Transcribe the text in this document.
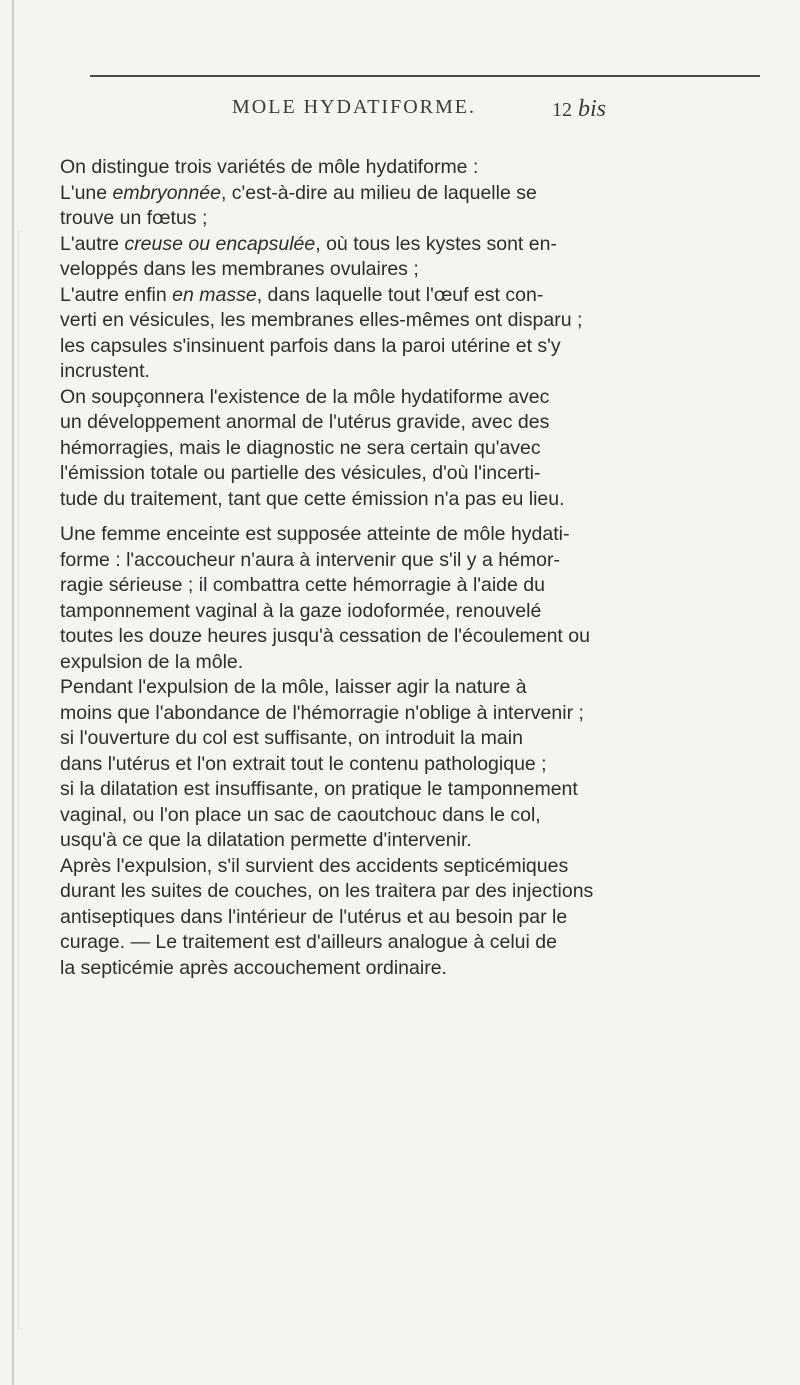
MOLE HYDATIFORME.	12 bis

On distingue trois variétés de môle hydatiforme :
L'une embryonnée, c'est-à-dire au milieu de laquelle se
trouve un fœtus ;

L'autre creuse ou encapsulée, où tous les kystes sont en-
veloppés dans les membranes ovulaires ;

L'autre enfin en masse, dans laquelle tout l'œuf est con-
verti en vésicules, les membranes elles-mêmes ont disparu ;
les capsules s'insinuent parfois dans la paroi utérine et s'y
incrustent.

On soupçonnera l'existence de la môle hydatiforme avec
un développement anormal de l'utérus gravide, avec des
hémorragies, mais le diagnostic ne sera certain qu'avec
l'émission totale ou partielle des vésicules, d'où l'incerti-
tude du traitement, tant que cette émission n'a pas eu lieu.

Une femme enceinte est supposée atteinte de môle hydati-
forme : l'accoucheur n'aura à intervenir que s'il y a hémor-
ragie sérieuse ; il combattra cette hémorragie à l'aide du
tamponnement vaginal à la gaze iodoformée, renouvelé
toutes les douze heures jusqu'à cessation de l'écoulement ou
expulsion de la môle.

Pendant l'expulsion de la môle, laisser agir la nature à
moins que l'abondance de l'hémorragie n'oblige à intervenir ;
si l'ouverture du col est suffisante, on introduit la main
dans l'utérus et l'on extrait tout le contenu pathologique ;
si la dilatation est insuffisante, on pratique le tamponnement
vaginal, ou l'on place un sac de caoutchouc dans le col,
usqu'à ce que la dilatation permette d'intervenir.

Après l'expulsion, s'il survient des accidents septicémiques
durant les suites de couches, on les traitera par des injections
antiseptiques dans l'intérieur de l'utérus et au besoin par le
curage. — Le traitement est d'ailleurs analogue à celui de
la septicémie après accouchement ordinaire.
